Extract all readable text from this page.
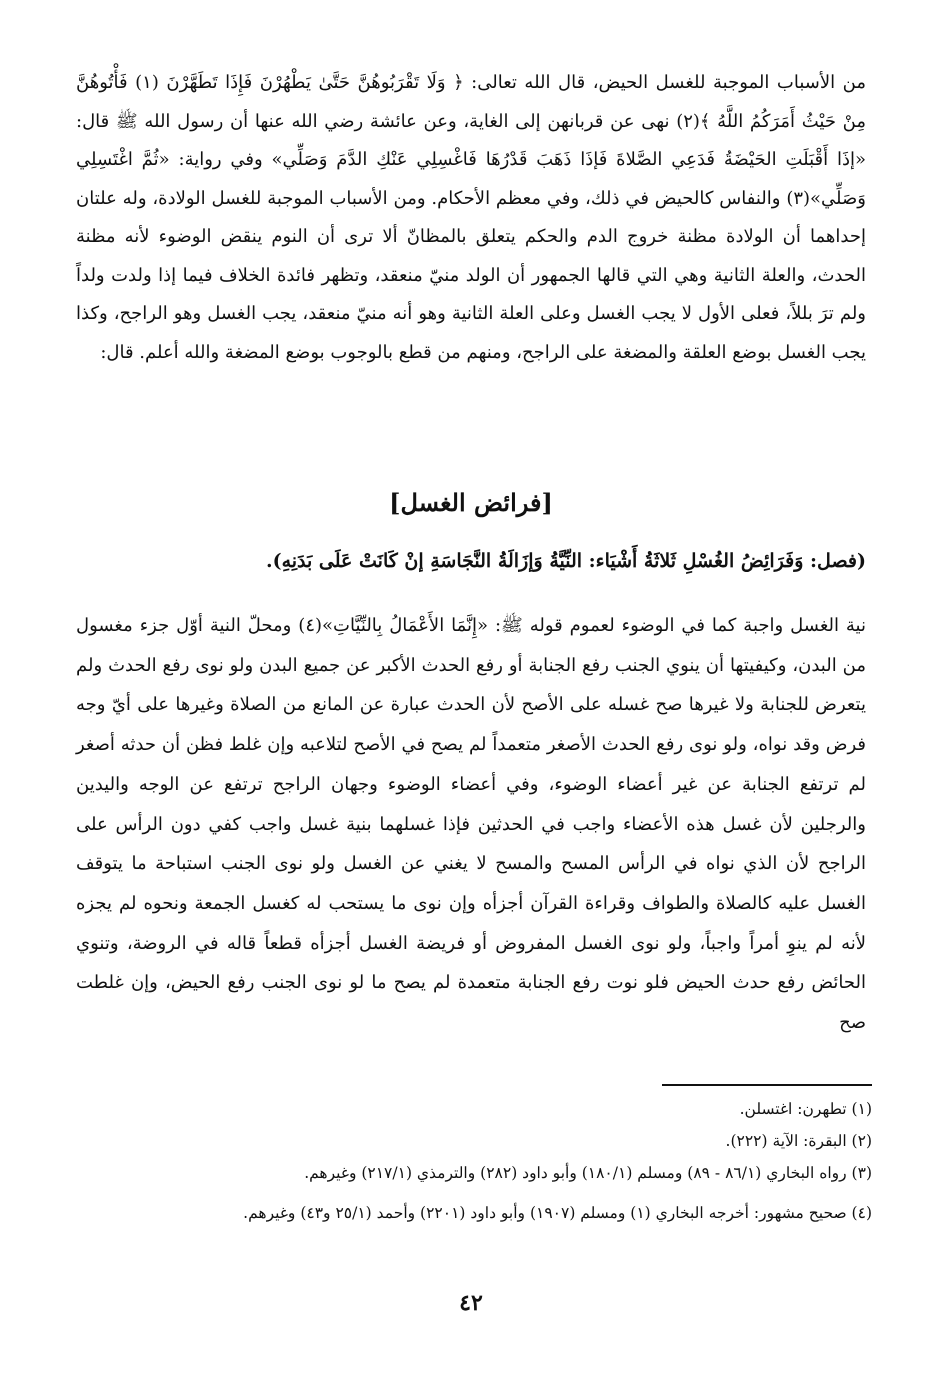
من الأسباب الموجبة للغسل الحيض، قال الله تعالى: ﴿ وَلَا تَقْرَبُوهُنَّ حَتَّىٰ يَطْهُرْنَ فَإِذَا تَطَهَّرْنَ (١) فَأْتُوهُنَّ مِنْ حَيْثُ أَمَرَكُمُ اللَّهُ ﴾(٢) نهى عن قربانهن إلى الغاية، وعن عائشة رضي الله عنها أن رسول الله ﷺ قال: «إذَا أَقْبَلَتِ الحَيْضَةُ فَدَعِي الصَّلاةَ فَإذَا ذَهَبَ قَدْرُهَا فَاغْسِلِي عَنْكِ الدَّمَ وَصَلِّي» وفي رواية: «ثُمَّ اغْتَسِلِي وَصَلِّي»(٣) والنفاس كالحيض في ذلك، وفي معظم الأحكام. ومن الأسباب الموجبة للغسل الولادة، وله علتان إحداهما أن الولادة مظنة خروج الدم والحكم يتعلق بالمظانّ ألا ترى أن النوم ينقض الوضوء لأنه مظنة الحدث، والعلة الثانية وهي التي قالها الجمهور أن الولد منيّ منعقد، وتظهر فائدة الخلاف فيما إذا ولدت ولداً ولم ترَ بللاً، فعلى الأول لا يجب الغسل وعلى العلة الثانية وهو أنه منيّ منعقد، يجب الغسل وهو الراجح، وكذا يجب الغسل بوضع العلقة والمضغة على الراجح، ومنهم من قطع بالوجوب بوضع المضغة والله أعلم. قال:
[فرائض الغسل]
(فصل: وَفَرَائِضُ الغُسْلِ ثَلاثَةُ أَشْيَاء: النِّيَّةُ وَإزَالَةُ النَّجَاسَةِ إنْ كَانَتْ عَلَى بَدَنِهِ).
نية الغسل واجبة كما في الوضوء لعموم قوله ﷺ: «إِنَّمَا الأَعْمَالُ بِالنِّيَّاتِ»(٤) ومحلّ النية أوّل جزء مغسول من البدن، وكيفيتها أن ينوي الجنب رفع الجنابة أو رفع الحدث الأكبر عن جميع البدن ولو نوى رفع الحدث ولم يتعرض للجنابة ولا غيرها صح غسله على الأصح لأن الحدث عبارة عن المانع من الصلاة وغيرها على أيّ وجه فرض وقد نواه، ولو نوى رفع الحدث الأصغر متعمداً لم يصح في الأصح لتلاعبه وإن غلط فظن أن حدثه أصغر لم ترتفع الجنابة عن غير أعضاء الوضوء، وفي أعضاء الوضوء وجهان الراجح ترتفع عن الوجه واليدين والرجلين لأن غسل هذه الأعضاء واجب في الحدثين فإذا غسلهما بنية غسل واجب كفي دون الرأس على الراجح لأن الذي نواه في الرأس المسح والمسح لا يغني عن الغسل ولو نوى الجنب استباحة ما يتوقف الغسل عليه كالصلاة والطواف وقراءة القرآن أجزأه وإن نوى ما يستحب له كغسل الجمعة ونحوه لم يجزه لأنه لم ينوِ أمراً واجباً، ولو نوى الغسل المفروض أو فريضة الغسل أجزأه قطعاً قاله في الروضة، وتنوي الحائض رفع حدث الحيض فلو نوت رفع الجنابة متعمدة لم يصح ما لو نوى الجنب رفع الحيض، وإن غلطت صح
(١) تطهرن: اغتسلن.
(٢) البقرة: الآية (٢٢٢).
(٣) رواه البخاري (٨٦/١ - ٨٩) ومسلم (١٨٠/١) وأبو داود (٢٨٢) والترمذي (٢١٧/١) وغيرهم.
(٤) صحيح مشهور: أخرجه البخاري (١) ومسلم (١٩٠٧) وأبو داود (٢٢٠١) وأحمد (٢٥/١ و٤٣) وغيرهم.
٤٢
